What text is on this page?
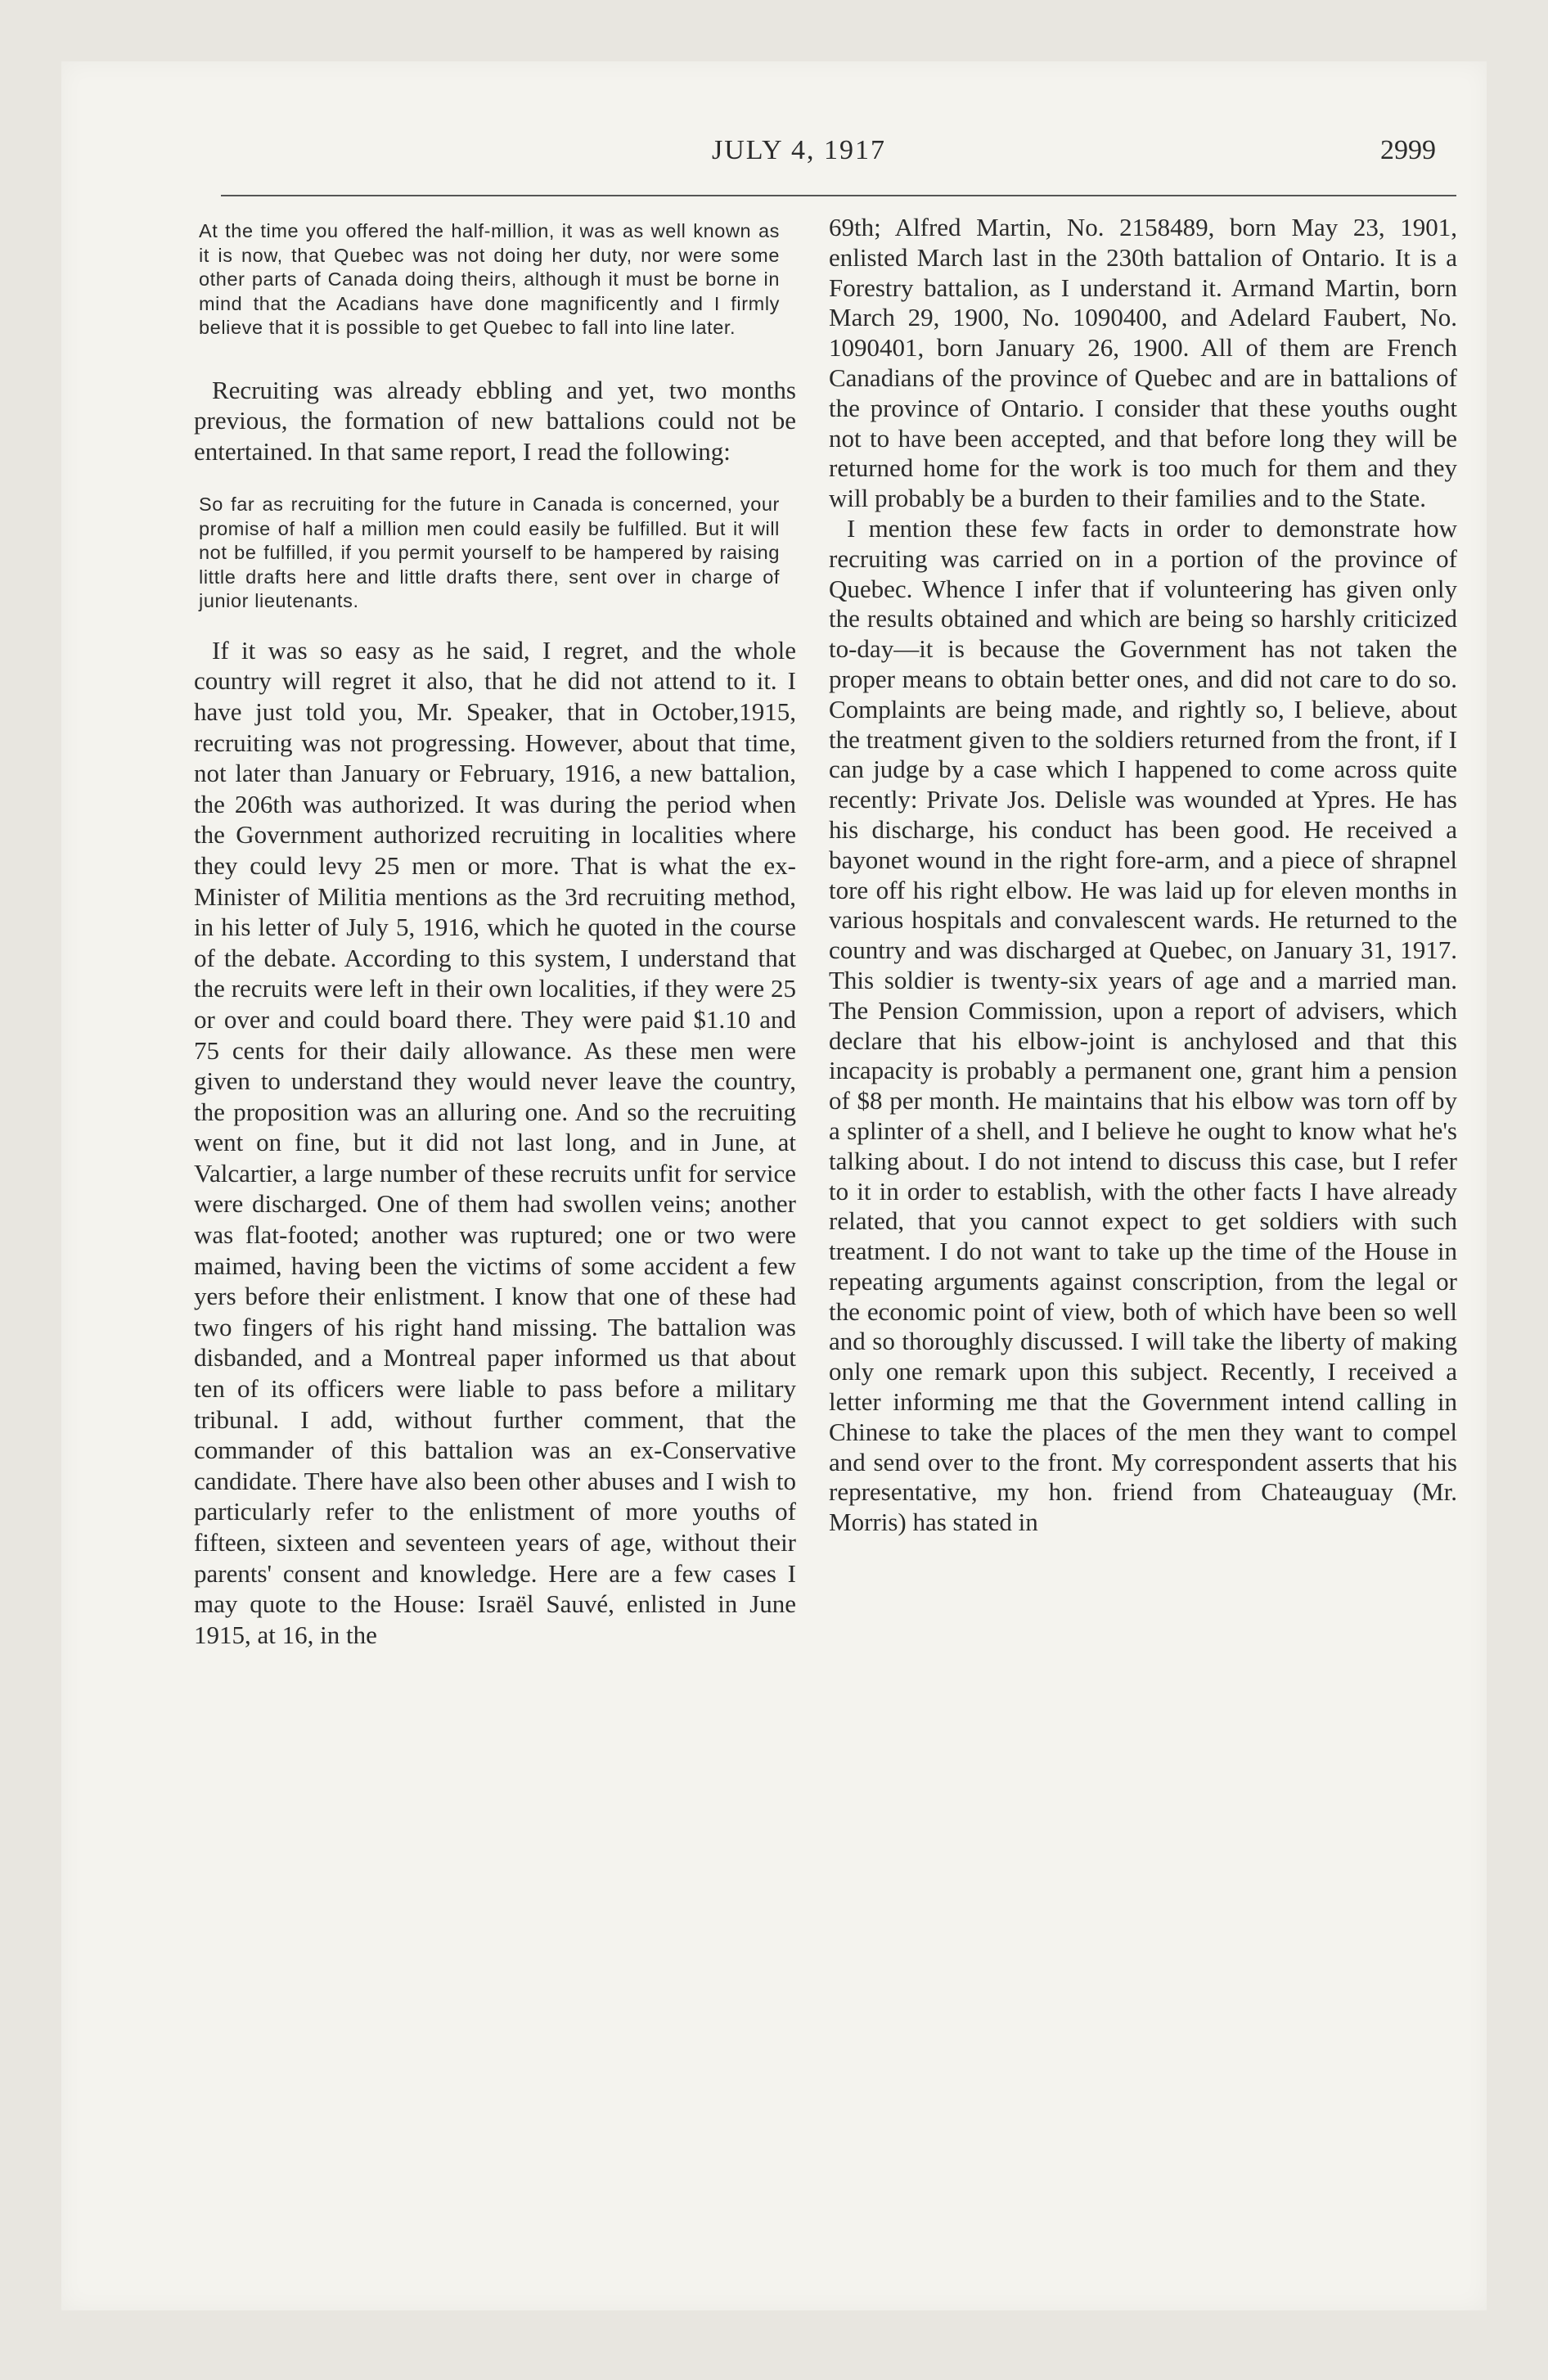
JULY 4, 1917	2999

At the time you offered the half-million, it was as well known as it is now, that Quebec was not doing her duty, nor were some other parts of Canada doing theirs, although it must be borne in mind that the Acadians have done magnificently and I firmly believe that it is possible to get Quebec to fall into line later.

Recruiting was already ebbling and yet, two months previous, the formation of new battalions could not be entertained. In that same report, I read the following:

So far as recruiting for the future in Canada is concerned, your promise of half a million men could easily be fulfilled. But it will not be fulfilled, if you permit yourself to be hampered by raising little drafts here and little drafts there, sent over in charge of junior lieutenants.

If it was so easy as he said, I regret, and the whole country will regret it also, that he did not attend to it. I have just told you, Mr. Speaker, that in October,1915, recruiting was not progressing. However, about that time, not later than January or February, 1916, a new battalion, the 206th was authorized. It was during the period when the Government authorized recruiting in localities where they could levy 25 men or more. That is what the ex-Minister of Militia mentions as the 3rd recruiting method, in his letter of July 5, 1916, which he quoted in the course of the debate. According to this system, I understand that the recruits were left in their own localities, if they were 25 or over and could board there. They were paid $1.10 and 75 cents for their daily allowance. As these men were given to understand they would never leave the country, the proposition was an alluring one. And so the recruiting went on fine, but it did not last long, and in June, at Valcartier, a large number of these recruits unfit for service were discharged. One of them had swollen veins; another was flat-footed; another was ruptured; one or two were maimed, having been the victims of some accident a few yers before their enlistment. I know that one of these had two fingers of his right hand missing. The battalion was disbanded, and a Montreal paper informed us that about ten of its officers were liable to pass before a military tribunal. I add, without further comment, that the commander of this battalion was an ex-Conservative candidate. There have also been other abuses and I wish to particularly refer to the enlistment of more youths of fifteen, sixteen and seventeen years of age, without their parents' consent and knowledge. Here are a few cases I may quote to the House: Israël Sauvé, enlisted in June 1915, at 16, in the

69th; Alfred Martin, No. 2158489, born May 23, 1901, enlisted March last in the 230th battalion of Ontario. It is a Forestry battalion, as I understand it. Armand Martin, born March 29, 1900, No. 1090400, and Adelard Faubert, No. 1090401, born January 26, 1900. All of them are French Canadians of the province of Quebec and are in battalions of the province of Ontario. I consider that these youths ought not to have been accepted, and that before long they will be returned home for the work is too much for them and they will probably be a burden to their families and to the State.

I mention these few facts in order to demonstrate how recruiting was carried on in a portion of the province of Quebec. Whence I infer that if volunteering has given only the results obtained and which are being so harshly criticized to-day—it is because the Government has not taken the proper means to obtain better ones, and did not care to do so. Complaints are being made, and rightly so, I believe, about the treatment given to the soldiers returned from the front, if I can judge by a case which I happened to come across quite recently: Private Jos. Delisle was wounded at Ypres. He has his discharge, his conduct has been good. He received a bayonet wound in the right fore-arm, and a piece of shrapnel tore off his right elbow. He was laid up for eleven months in various hospitals and convalescent wards. He returned to the country and was discharged at Quebec, on January 31, 1917. This soldier is twenty-six years of age and a married man. The Pension Commission, upon a report of advisers, which declare that his elbow-joint is anchylosed and that this incapacity is probably a permanent one, grant him a pension of $8 per month. He maintains that his elbow was torn off by a splinter of a shell, and I believe he ought to know what he's talking about. I do not intend to discuss this case, but I refer to it in order to establish, with the other facts I have already related, that you cannot expect to get soldiers with such treatment. I do not want to take up the time of the House in repeating arguments against conscription, from the legal or the economic point of view, both of which have been so well and so thoroughly discussed. I will take the liberty of making only one remark upon this subject. Recently, I received a letter informing me that the Government intend calling in Chinese to take the places of the men they want to compel and send over to the front. My correspondent asserts that his representative, my hon. friend from Chateauguay (Mr. Morris) has stated in
